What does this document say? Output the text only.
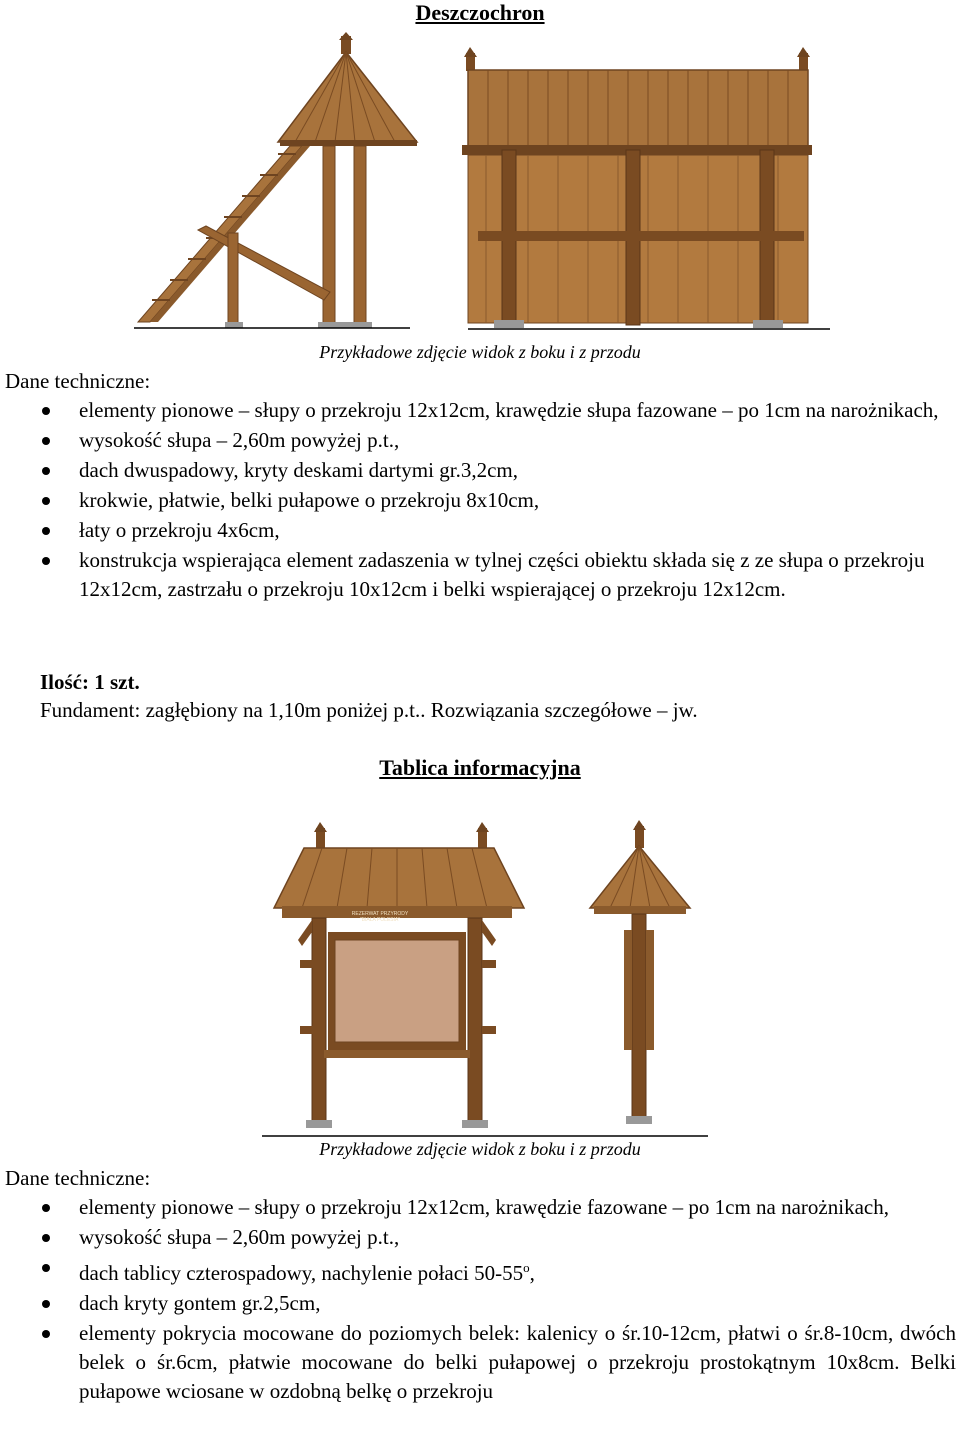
Deszczochron
Przykładowe zdjęcie widok z boku i z przodu
Dane techniczne:
elementy pionowe – słupy o przekroju 12x12cm, krawędzie słupa fazowane – po 1cm na narożnikach,
wysokość słupa – 2,60m powyżej p.t.,
dach dwuspadowy, kryty deskami dartymi gr.3,2cm,
krokwie, płatwie, belki pułapowe o przekroju 8x10cm,
łaty o przekroju 4x6cm,
konstrukcja wspierająca element zadaszenia w tylnej części obiektu składa się z ze słupa o przekroju 12x12cm, zastrzału o przekroju 10x12cm i belki wspierającej o przekroju 12x12cm.
Ilość: 1 szt.
Fundament: zagłębiony na 1,10m poniżej p.t.. Rozwiązania szczegółowe – jw.
Tablica informacyjna
REZERWAT PRZYRODY
"BIAŁA POLESIA"
Przykładowe zdjęcie widok z boku i z przodu
Dane techniczne:
elementy pionowe – słupy o przekroju 12x12cm, krawędzie fazowane – po 1cm na narożnikach,
wysokość słupa – 2,60m powyżej p.t.,
dach tablicy czterospadowy, nachylenie połaci 50-55$^o$,
dach kryty gontem gr.2,5cm,
elementy pokrycia mocowane do poziomych belek: kalenicy o śr.10-12cm, płatwi o śr.8-10cm, dwóch belek o śr.6cm, płatwie mocowane do belki pułapowej o przekroju prostokątnym 10x8cm. Belki pułapowe wciosane w ozdobną belkę o przekroju
